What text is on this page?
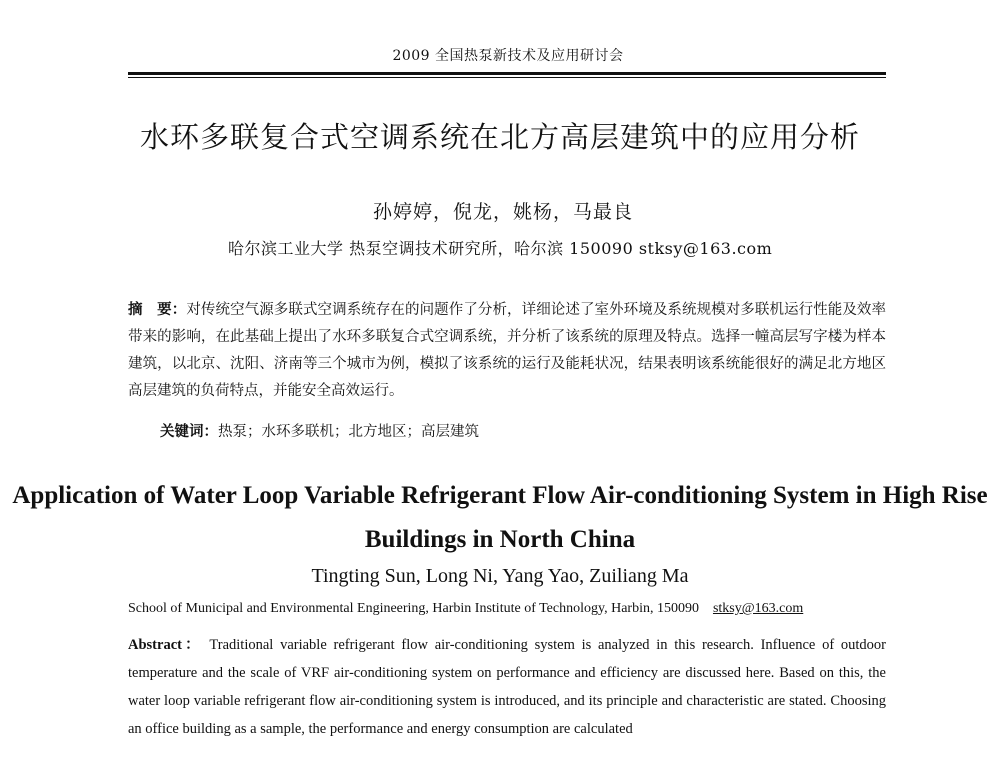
2009 全国热泵新技术及应用研讨会
水环多联复合式空调系统在北方高层建筑中的应用分析
孙婷婷，倪龙，姚杨，马最良
哈尔滨工业大学 热泵空调技术研究所，哈尔滨 150090 stksy@163.com

摘　要：对传统空气源多联式空调系统存在的问题作了分析，详细论述了室外环境及系统规模对多联机运行性能及效率带来的影响，在此基础上提出了水环多联复合式空调系统，并分析了该系统的原理及特点。选择一幢高层写字楼为样本建筑，以北京、沈阳、济南等三个城市为例，模拟了该系统的运行及能耗状况，结果表明该系统能很好的满足北方地区高层建筑的负荷特点，并能安全高效运行。

关键词：热泵；水环多联机；北方地区；高层建筑

Application of Water Loop Variable Refrigerant Flow Air-conditioning System in High Rise Buildings in North China
Tingting Sun, Long Ni, Yang Yao, Zuiliang Ma
School of Municipal and Environmental Engineering, Harbin Institute of Technology, Harbin, 150090 stksy@163.com

Abstract： Traditional variable refrigerant flow air-conditioning system is analyzed in this research. Influence of outdoor temperature and the scale of VRF air-conditioning system on performance and efficiency are discussed here. Based on this, the water loop variable refrigerant flow air-conditioning system is introduced, and its principle and characteristic are stated. Choosing an office building as a sample, the performance and energy consumption are calculated
